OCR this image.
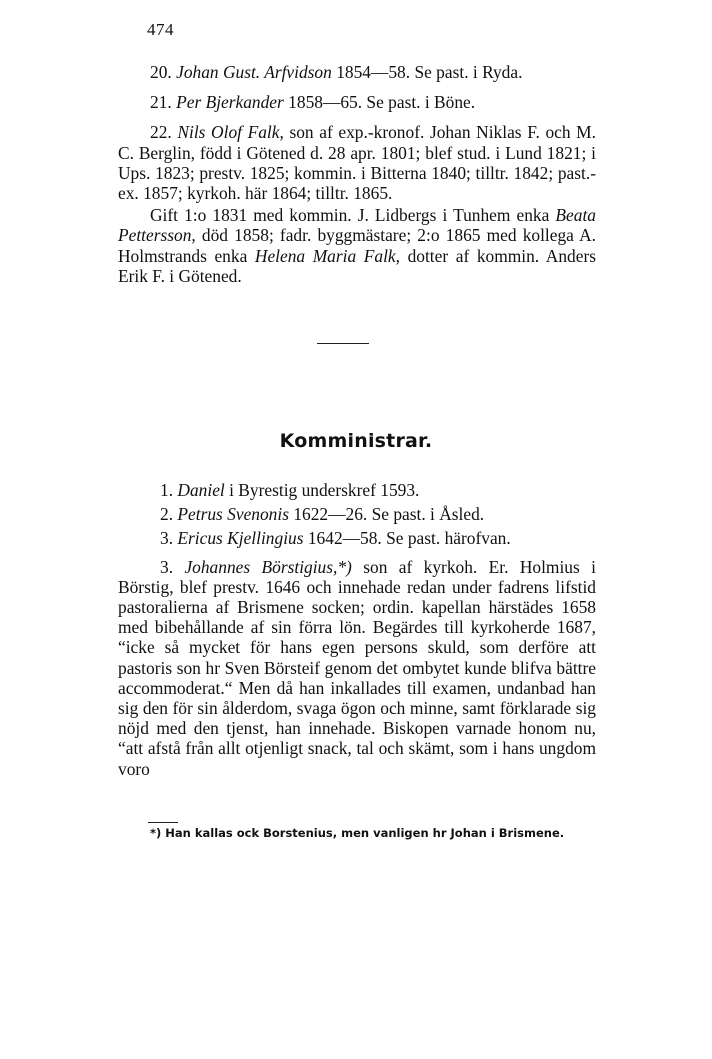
474

20. Johan Gust. Arfvidson 1854—58. Se past. i Ryda.

21. Per Bjerkander 1858—65. Se past. i Böne.

22. Nils Olof Falk, son af exp.-kronof. Johan Niklas F. och M. C. Berglin, född i Götened d. 28 apr. 1801; blef stud. i Lund 1821; i Ups. 1823; prestv. 1825; kommin. i Bitterna 1840; tilltr. 1842; past.-ex. 1857; kyrkoh. här 1864; tilltr. 1865.

Gift 1:o 1831 med kommin. J. Lidbergs i Tunhem enka Beata Pettersson, död 1858; fadr. byggmästare; 2:o 1865 med kollega A. Holmstrands enka Helena Maria Falk, dotter af kommin. Anders Erik F. i Götened.

Komministrar.

1. Daniel i Byrestig underskref 1593.

2. Petrus Svenonis 1622—26. Se past. i Åsled.

3. Ericus Kjellingius 1642—58. Se past. härofvan.

3. Johannes Börstigius,*) son af kyrkoh. Er. Holmius i Börstig, blef prestv. 1646 och innehade redan under fadrens lifstid pastoralierna af Brismene socken; ordin. kapellan härstädes 1658 med bibehållande af sin förra lön. Begärdes till kyrkoherde 1687, “icke så mycket för hans egen persons skuld, som derföre att pastoris son hr Sven Börsteif genom det ombytet kunde blifva bättre accommoderat.“ Men då han inkallades till examen, undanbad han sig den för sin ålderdom, svaga ögon och minne, samt förklarade sig nöjd med den tjenst, han innehade. Biskopen varnade honom nu, “att afstå från allt otjenligt snack, tal och skämt, som i hans ungdom voro

*) Han kallas ock Borstenius, men vanligen hr Johan i Brismene.
